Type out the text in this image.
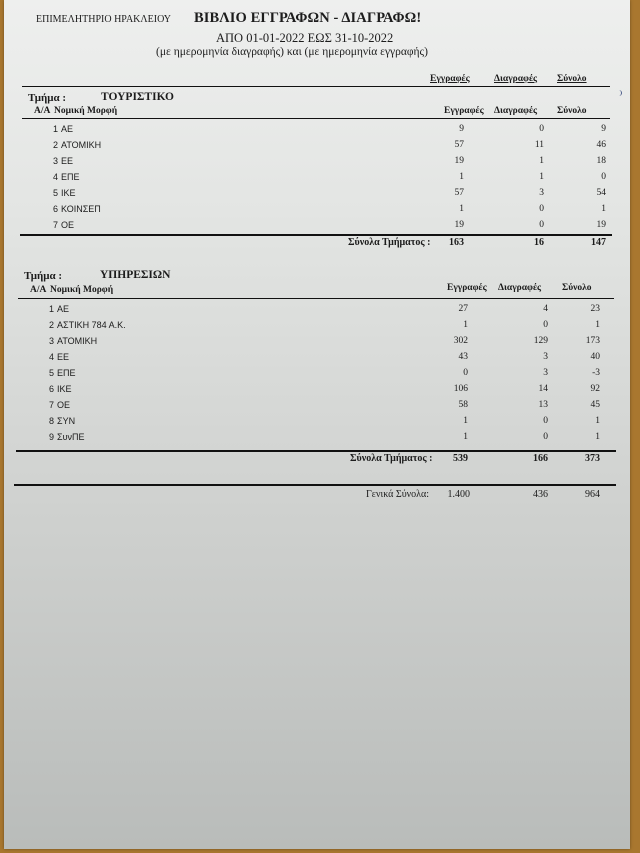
ΕΠΙΜΕΛΗΤΗΡΙΟ ΗΡΑΚΛΕΙΟΥ ΒΙΒΛΙΟ ΕΓΓΡΑΦΩΝ - ΔΙΑΓΡΑΦΩ!
ΑΠΟ 01-01-2022 ΕΩΣ 31-10-2022
(με ημερομηνία διαγραφής) και (με ημερομηνία εγγραφής)
Εγγραφές	Διαγραφές Σύνολο
Τμήμα :	ΤΟΥΡΙΣΤΙΚΟ
Α/Α Νομική Μορφή	Εγγραφές Διαγραφές Σύνολο
1 ΑΕ	9	0	9
2 ΑΤΟΜΙΚΗ	57	11	46
3 ΕΕ	19	1	18
4 ΕΠΕ	1	1	0
5 ΙΚΕ	57	3	54
6 ΚΟΙΝΣΕΠ	1	0	1
7 ΟΕ	19	0	19
Σύνολα Τμήματος :	163	16	147
Τμήμα :	ΥΠΗΡΕΣΙΩΝ
Α/Α Νομική Μορφή	Εγγραφές Διαγραφές Σύνολο
1 ΑΕ	27	4	23
2 ΑΣΤΙΚΗ 784 Α.Κ.	1	0	1
3 ΑΤΟΜΙΚΗ	302	129	173
4 ΕΕ	43	3	40
5 ΕΠΕ	0	3	-3
6 ΙΚΕ	106	14	92
7 ΟΕ	58	13	45
8 ΣΥΝ	1	0	1
9 ΣυνΠΕ	1	0	1
Σύνολα Τμήματος :	539	166	373
Γενικά Σύνολα:	1.400	436	964
